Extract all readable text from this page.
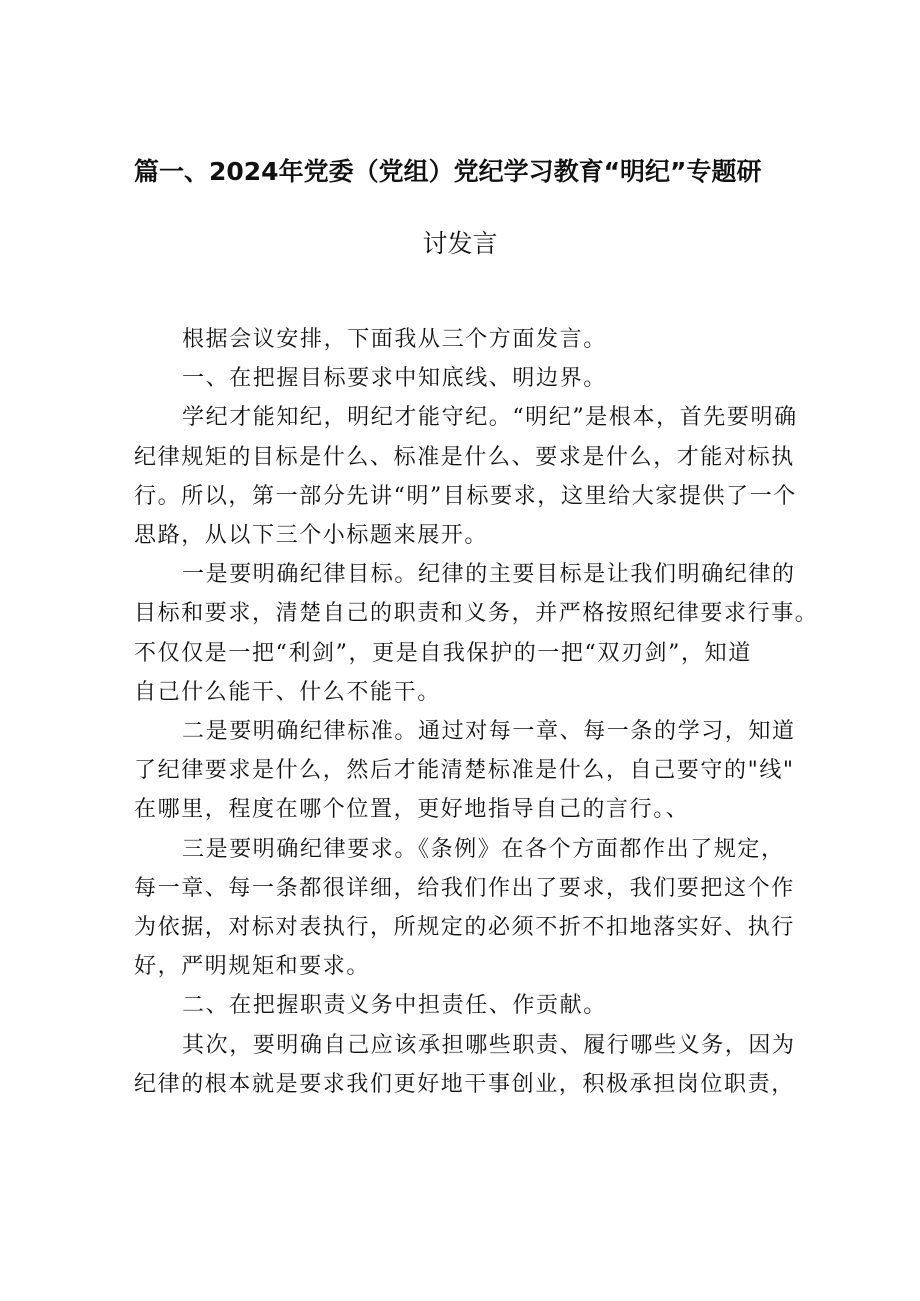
篇一、2024年党委（党组）党纪学习教育“明纪”专题研
讨发言
根据会议安排，下面我从三个方面发言。
一、在把握目标要求中知底线、明边界。
学纪才能知纪，明纪才能守纪。“明纪”是根本，首先要明确
纪律规矩的目标是什么、标准是什么、要求是什么，才能对标执
行。所以，第一部分先讲“明”目标要求，这里给大家提供了一个
思路，从以下三个小标题来展开。
一是要明确纪律目标。纪律的主要目标是让我们明确纪律的
目标和要求，清楚自己的职责和义务，并严格按照纪律要求行事。
不仅仅是一把“利剑”，更是自我保护的一把“双刃剑”，知道
自己什么能干、什么不能干。
二是要明确纪律标准。通过对每一章、每一条的学习，知道
了纪律要求是什么，然后才能清楚标准是什么，自己要守的"线"
在哪里，程度在哪个位置，更好地指导自己的言行。、
三是要明确纪律要求。《条例》在各个方面都作出了规定，
每一章、每一条都很详细，给我们作出了要求，我们要把这个作
为依据，对标对表执行，所规定的必须不折不扣地落实好、执行
好，严明规矩和要求。
二、在把握职责义务中担责任、作贡献。
其次，要明确自己应该承担哪些职责、履行哪些义务，因为
纪律的根本就是要求我们更好地干事创业，积极承担岗位职责，
